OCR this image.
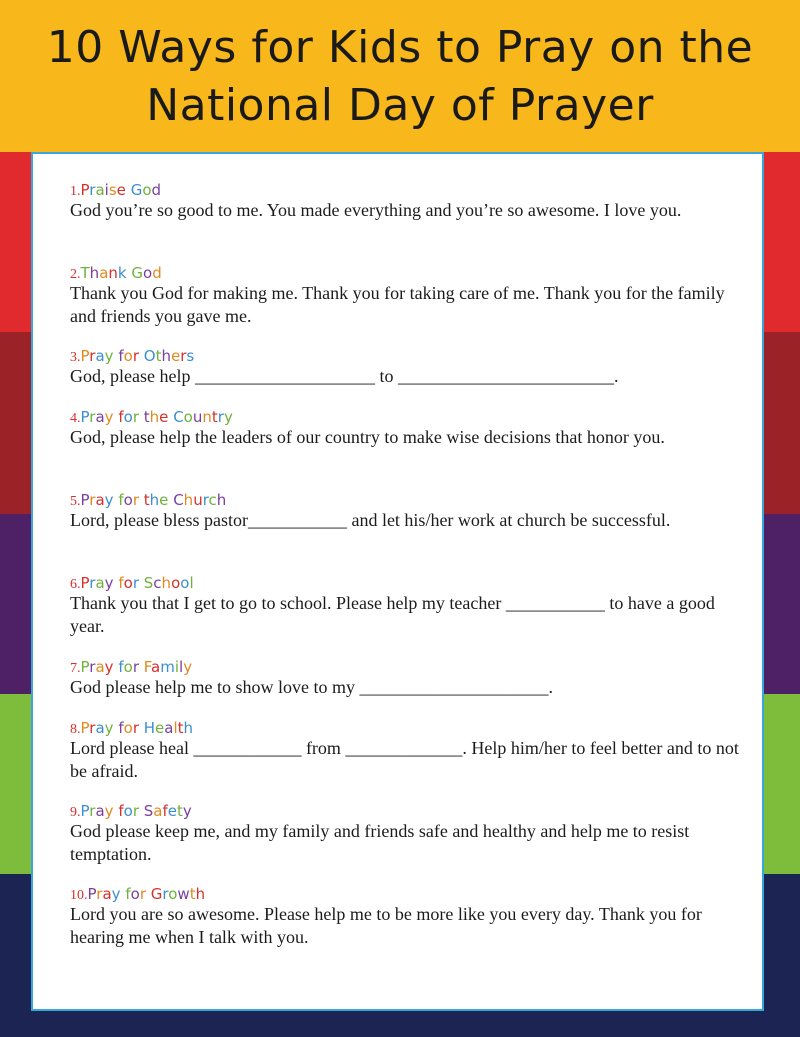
10 Ways for Kids to Pray on the
National Day of Prayer
1.Praise God
God you’re so good to me. You made everything and you’re so awesome. I love you.
2.Thank God
Thank you God for making me. Thank you for taking care of me. Thank you for the family and friends you gave me.
3.Pray for Others
God, please help ____________________ to ________________________.
4.Pray for the Country
God, please help the leaders of our country to make wise decisions that honor you.
5.Pray for the Church
Lord, please bless pastor___________ and let his/her work at church be successful.
6.Pray for School
Thank you that I get to go to school. Please help my teacher ___________ to have a good year.
7.Pray for Family
God please help me to show love to my _____________________.
8.Pray for Health
Lord please heal ____________ from _____________. Help him/her to feel better and to not be afraid.
9.Pray for Safety
God please keep me, and my family and friends safe and healthy and help me to resist temptation.
10.Pray for Growth
Lord you are so awesome. Please help me to be more like you every day. Thank you for hearing me when I talk with you.
